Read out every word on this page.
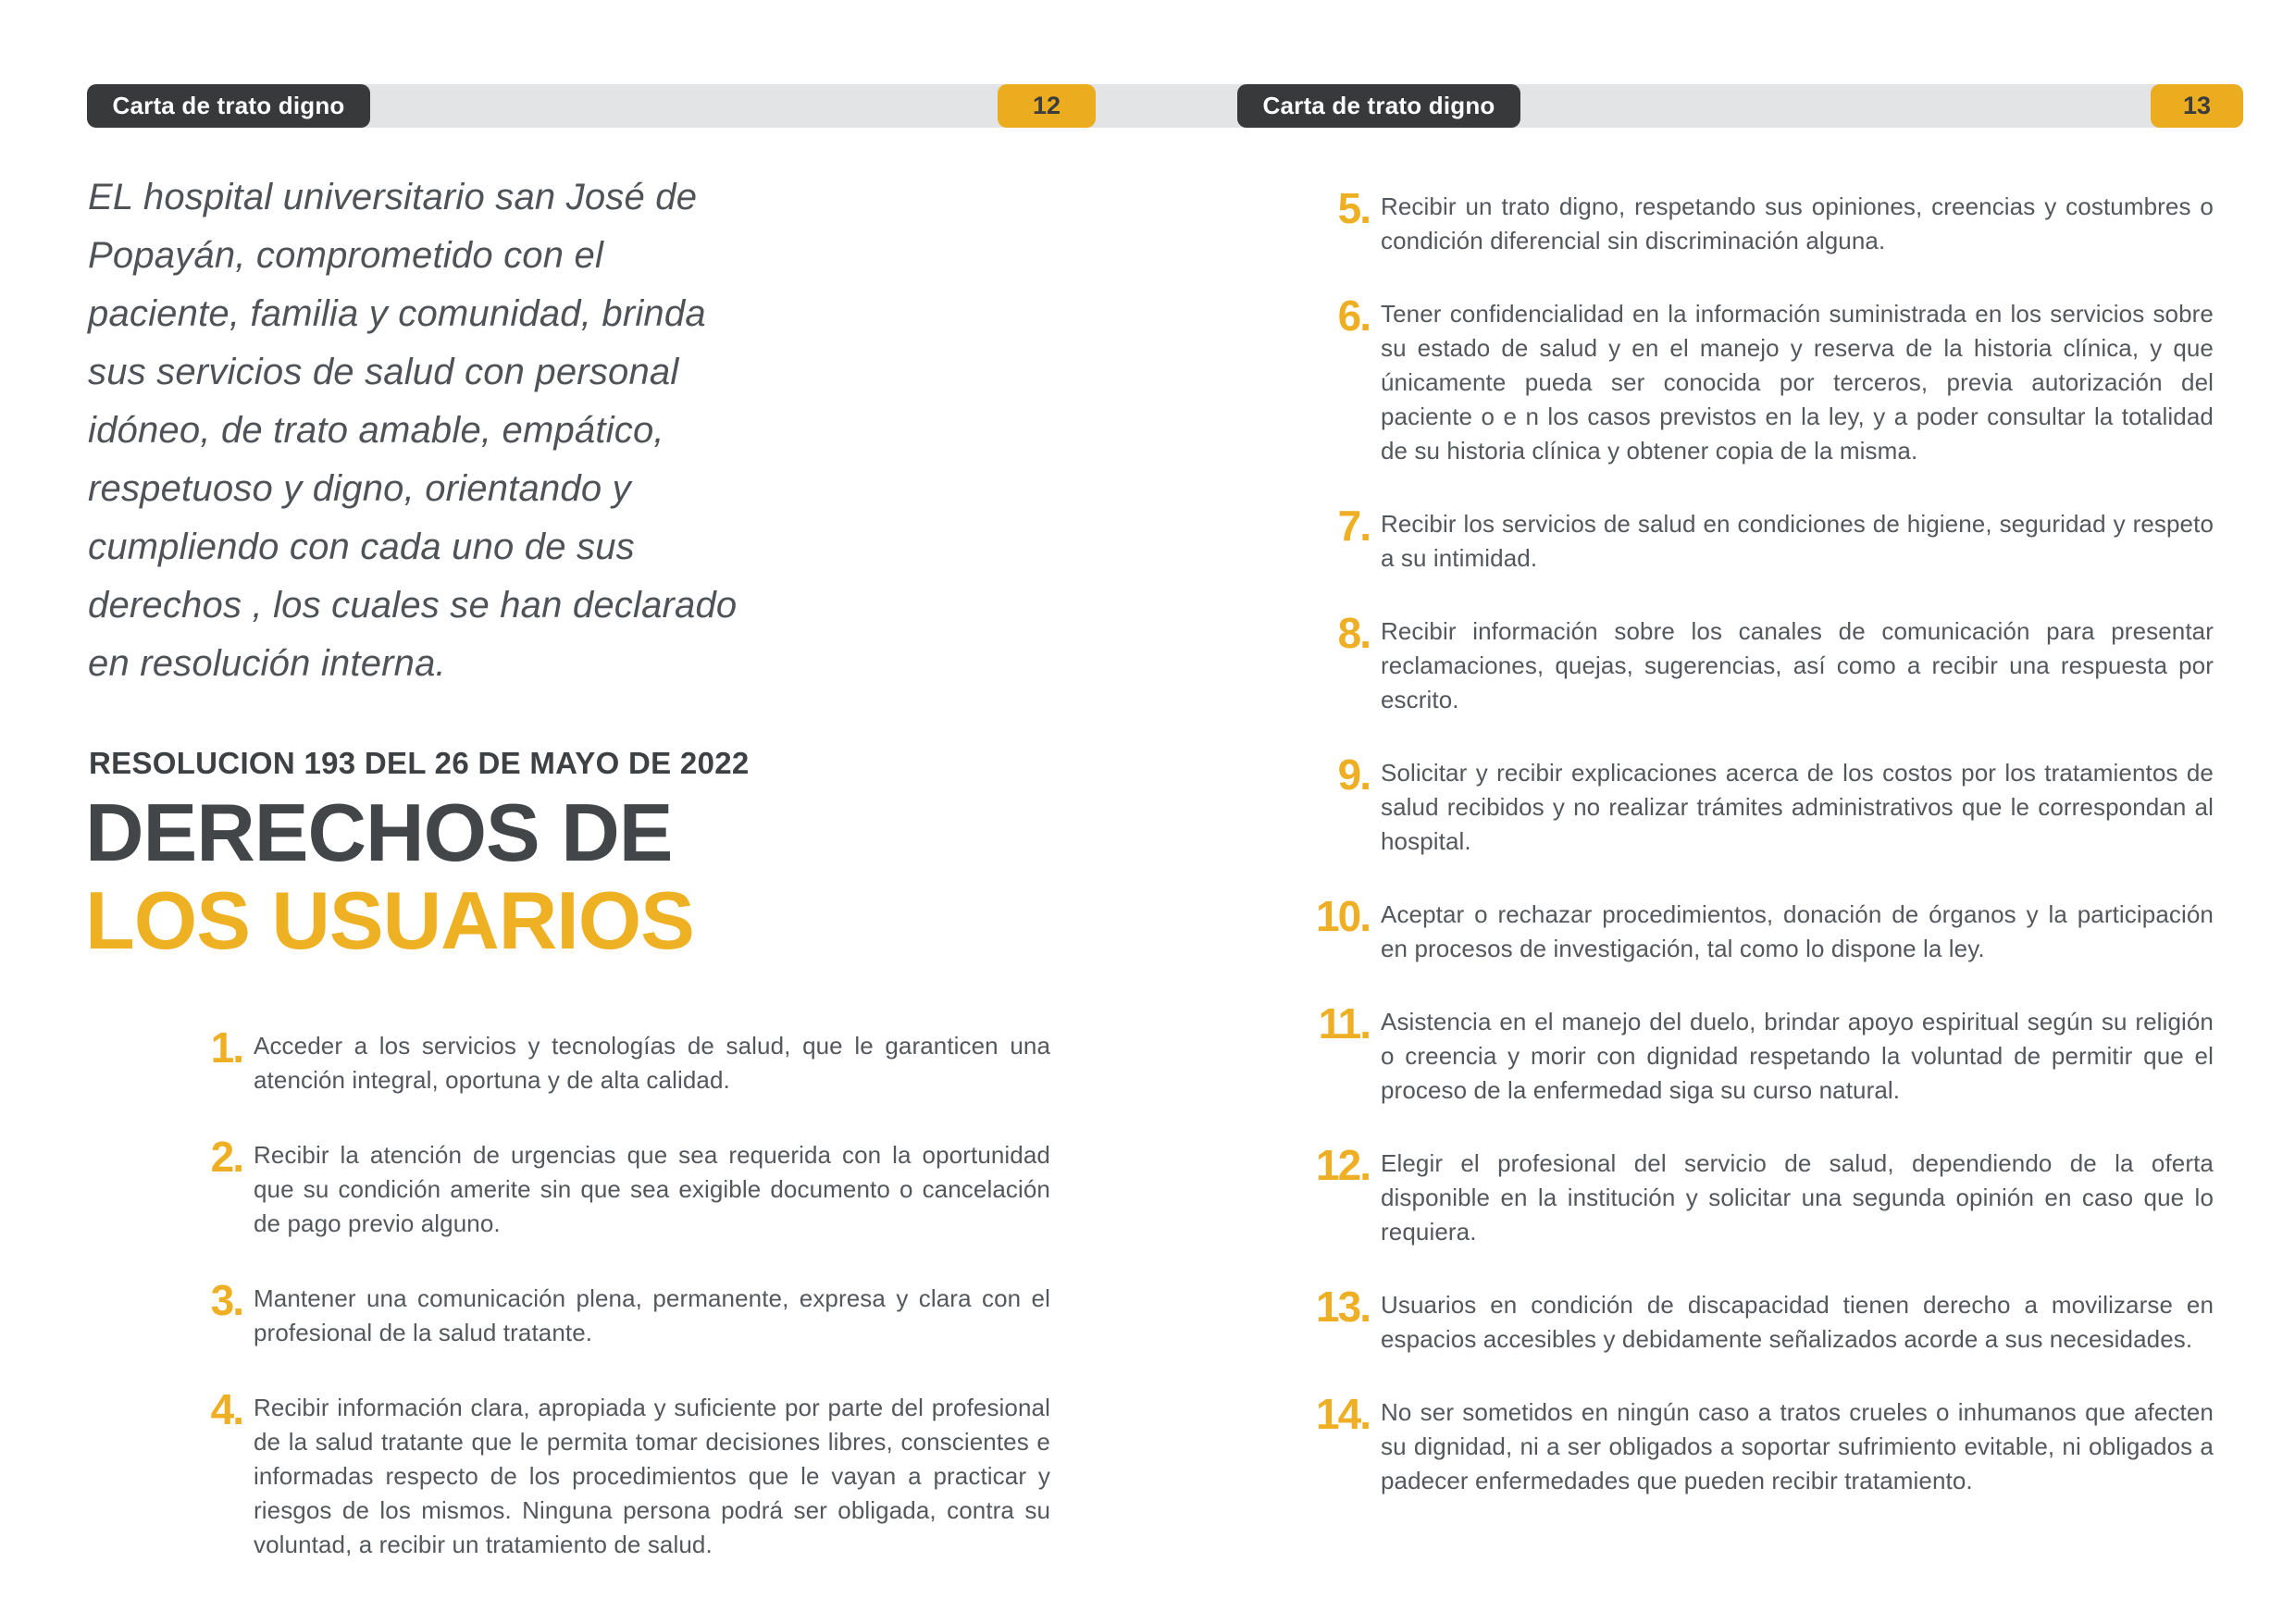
Carta de trato digno	12	Carta de trato digno	13
EL hospital universitario san José de Popayán, comprometido con el paciente, familia y comunidad, brinda sus servicios de salud con personal idóneo, de trato amable, empático, respetuoso y digno, orientando y cumpliendo con cada uno de sus derechos , los cuales se han declarado en resolución interna.
RESOLUCION 193 DEL 26 DE MAYO DE 2022
DERECHOS DE
LOS USUARIOS
1. Acceder a los servicios y tecnologías de salud, que le garanticen una atención integral, oportuna y de alta calidad.
2. Recibir la atención de urgencias que sea requerida con la oportunidad que su condición amerite sin que sea exigible documento o cancelación de pago previo alguno.
3. Mantener una comunicación plena, permanente, expresa y clara con el profesional de la salud tratante.
4. Recibir información clara, apropiada y suficiente por parte del profesional de la salud tratante que le permita tomar decisiones libres, conscientes e informadas respecto de los procedimientos que le vayan a practicar y riesgos de los mismos. Ninguna persona podrá ser obligada, contra su voluntad, a recibir un tratamiento de salud.
5. Recibir un trato digno, respetando sus opiniones, creencias y costumbres o condición diferencial sin discriminación alguna.
6. Tener confidencialidad en la información suministrada en los servicios sobre su estado de salud y en el manejo y reserva de la historia clínica, y que únicamente pueda ser conocida por terceros, previa autorización del paciente o e n los casos previstos en la ley, y a poder consultar la totalidad de su historia clínica y obtener copia de la misma.
7. Recibir los servicios de salud en condiciones de higiene, seguridad y respeto a su intimidad.
8. Recibir información sobre los canales de comunicación para presentar reclamaciones, quejas, sugerencias, así como a recibir una respuesta por escrito.
9. Solicitar y recibir explicaciones acerca de los costos por los tratamientos de salud recibidos y no realizar trámites administrativos que le correspondan al hospital.
10. Aceptar o rechazar procedimientos, donación de órganos y la participación en procesos de investigación, tal como lo dispone la ley.
11. Asistencia en el manejo del duelo, brindar apoyo espiritual según su religión o creencia y morir con dignidad respetando la voluntad de permitir que el proceso de la enfermedad siga su curso natural.
12. Elegir el profesional del servicio de salud, dependiendo de la oferta disponible en la institución y solicitar una segunda opinión en caso que lo requiera.
13. Usuarios en condición de discapacidad tienen derecho a movilizarse en espacios accesibles y debidamente señalizados acorde a sus necesidades.
14. No ser sometidos en ningún caso a tratos crueles o inhumanos que afecten su dignidad, ni a ser obligados a soportar sufrimiento evitable, ni obligados a padecer enfermedades que pueden recibir tratamiento.
